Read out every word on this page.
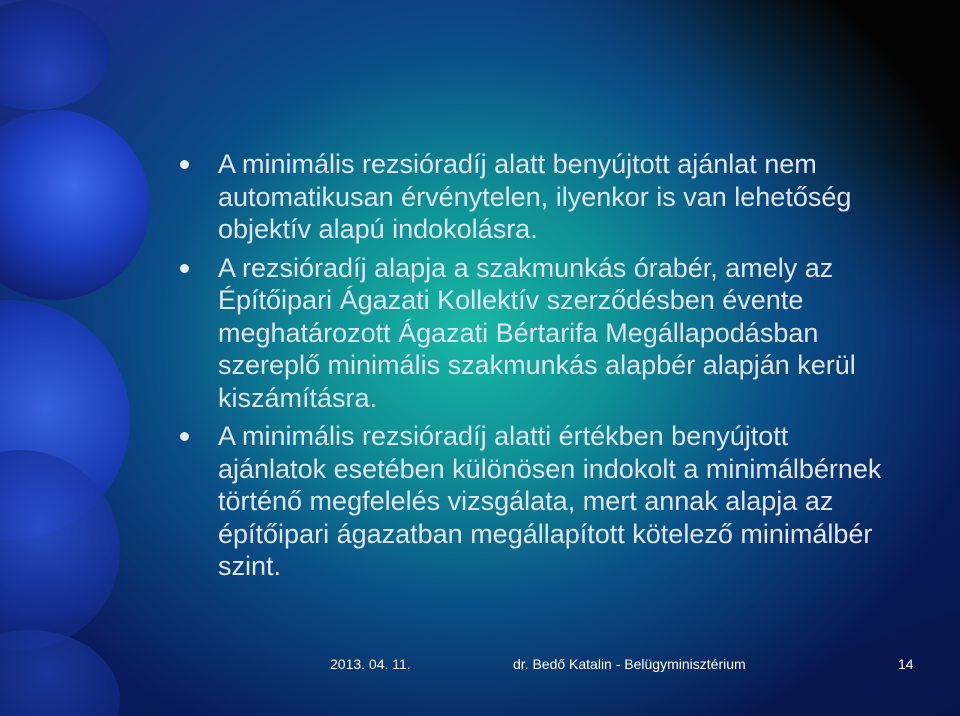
A minimális rezsióradíj alatt benyújtott ajánlat nem automatikusan érvénytelen, ilyenkor is van lehetőség objektív alapú indokolásra.
A rezsióradíj alapja a szakmunkás órabér, amely az Építőipari Ágazati Kollektív szerződésben évente meghatározott Ágazati Bértarifa Megállapodásban szereplő minimális szakmunkás alapbér alapján kerül kiszámításra.
A minimális rezsióradíj alatti értékben benyújtott ajánlatok esetében különösen indokolt a minimálbérnek történő megfelelés vizsgálata, mert annak alapja az építőipari ágazatban megállapított kötelező minimálbér szint.
2013. 04. 11.	dr. Bedő Katalin - Belügyminisztérium	14
